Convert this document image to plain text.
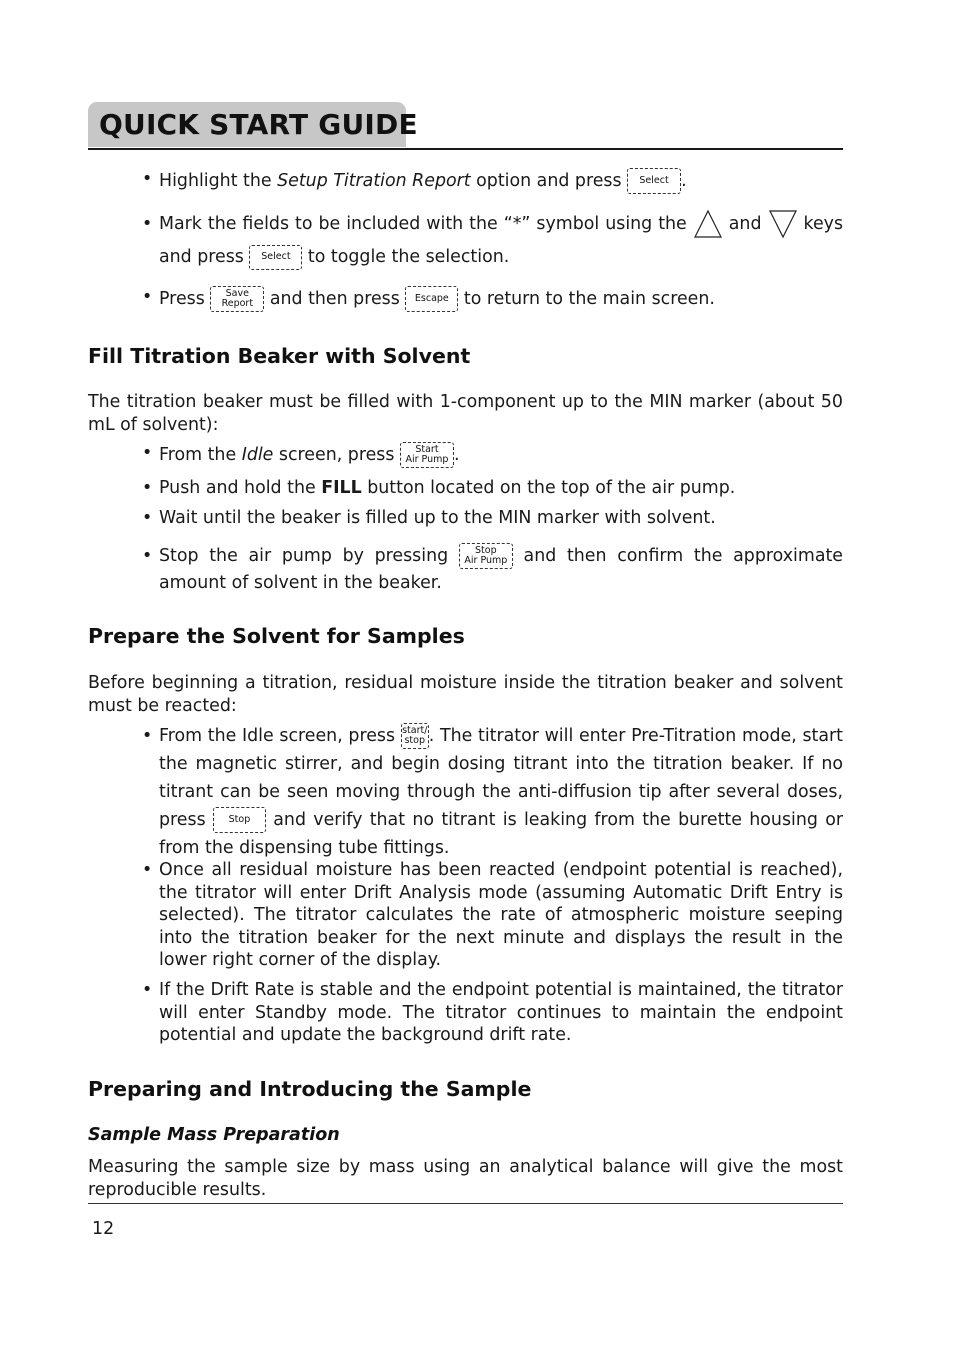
QUICK START GUIDE
• Highlight the Setup Titration Report option and press Select .
• Mark the fields to be included with the “*” symbol using the  and  keys and press Select to toggle the selection.
• Press Save
Report and then press Escape to return to the main screen.
Fill Titration Beaker with Solvent
The titration beaker must be filled with 1-component up to the MIN marker (about 50 mL of solvent):
• From the Idle screen, press Start
Air Pump .
• Push and hold the FILL button located on the top of the air pump.
• Wait until the beaker is filled up to the MIN marker with solvent.
• Stop the air pump by pressing Stop
Air Pump and then confirm the approximate amount of solvent in the beaker.
Prepare the Solvent for Samples
Before beginning a titration, residual moisture inside the titration beaker and solvent must be reacted:
• From the Idle screen, press start/
stop . The titrator will enter Pre-Titration mode, start the magnetic stirrer, and begin dosing titrant into the titration beaker. If no titrant can be seen moving through the anti-diffusion tip after several doses, press Stop and verify that no titrant is leaking from the burette housing or from the dispensing tube fittings.
• Once all residual moisture has been reacted (endpoint potential is reached), the titrator will enter Drift Analysis mode (assuming Automatic Drift Entry is selected). The titrator calculates the rate of atmospheric moisture seeping into the titration beaker for the next minute and displays the result in the lower right corner of the display.
• If the Drift Rate is stable and the endpoint potential is maintained, the titrator will enter Standby mode. The titrator continues to maintain the endpoint potential and update the background drift rate.
Preparing and Introducing the Sample
Sample Mass Preparation
Measuring the sample size by mass using an analytical balance will give the most reproducible results.
12
